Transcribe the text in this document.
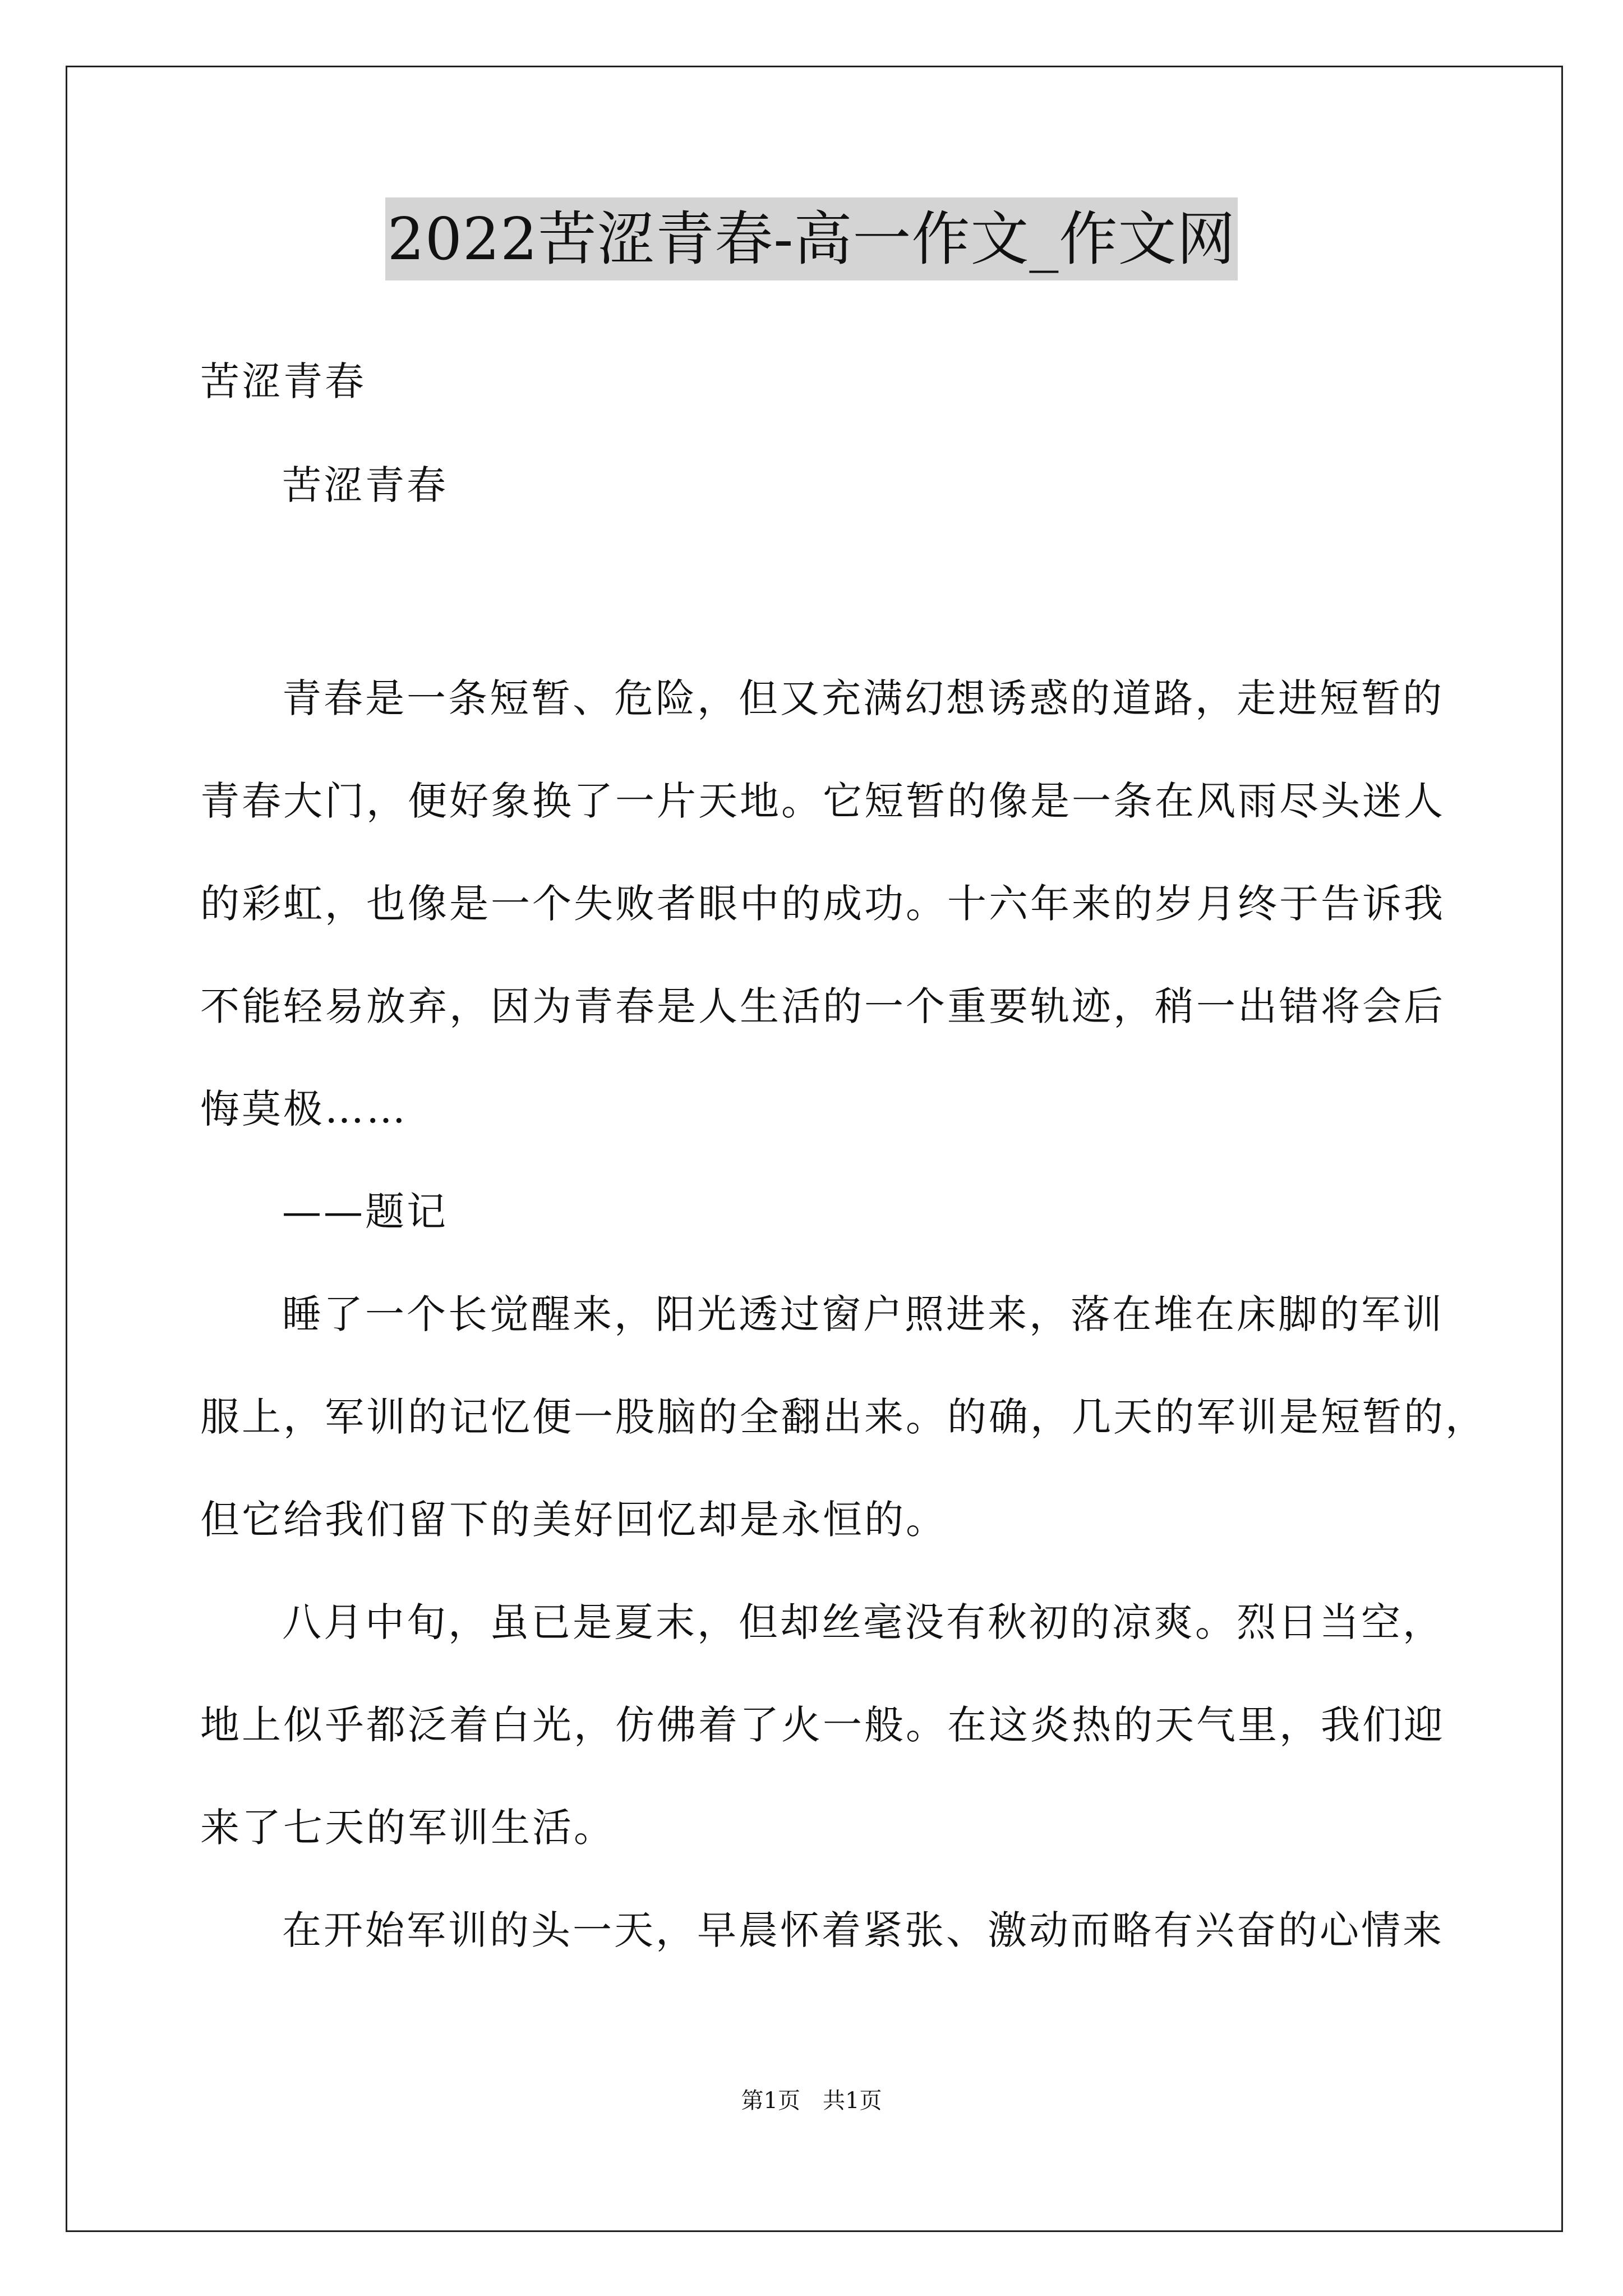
2022苦涩青春-高一作文_作文网
苦涩青春
苦涩青春
青春是一条短暂、危险，但又充满幻想诱惑的道路，走进短暂的
青春大门，便好象换了一片天地。它短暂的像是一条在风雨尽头迷人
的彩虹，也像是一个失败者眼中的成功。十六年来的岁月终于告诉我
不能轻易放弃，因为青春是人生活的一个重要轨迹，稍一出错将会后
悔莫极……
——题记
睡了一个长觉醒来，阳光透过窗户照进来，落在堆在床脚的军训
服上，军训的记忆便一股脑的全翻出来。的确，几天的军训是短暂的，
但它给我们留下的美好回忆却是永恒的。
八月中旬，虽已是夏末，但却丝毫没有秋初的凉爽。烈日当空，
地上似乎都泛着白光，仿佛着了火一般。在这炎热的天气里，我们迎
来了七天的军训生活。
在开始军训的头一天，早晨怀着紧张、激动而略有兴奋的心情来
第1页　共1页
